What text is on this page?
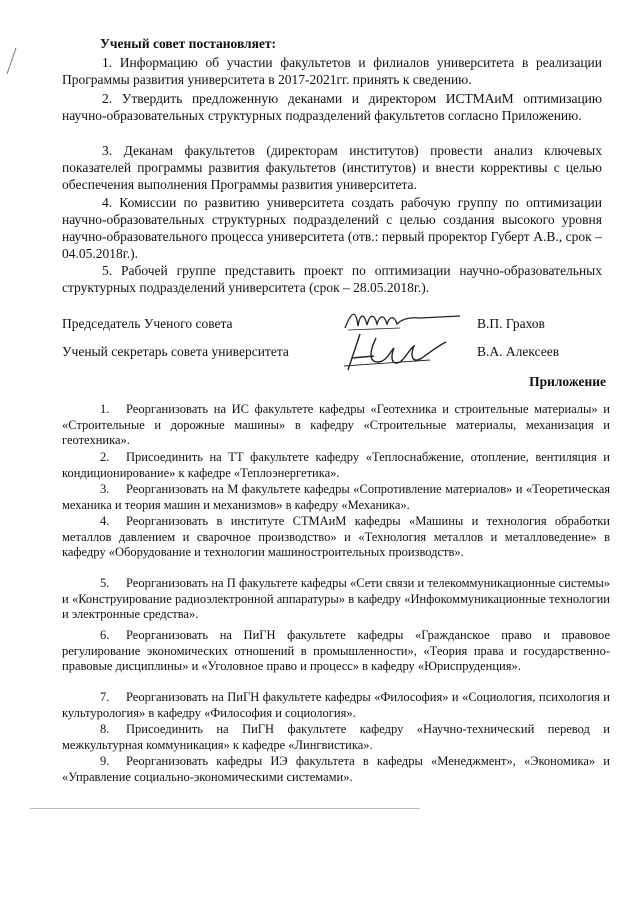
Ученый совет постановляет:
1. Информацию об участии факультетов и филиалов университета в реализации Программы развития университета в 2017-2021гг. принять к сведению.
2. Утвердить предложенную деканами и директором ИСТМАиМ оптимизацию научно-образовательных структурных подразделений факультетов согласно Приложению.
3. Деканам факультетов (директорам институтов) провести анализ ключевых показателей программы развития факультетов (институтов) и внести коррективы с целью обеспечения выполнения Программы развития университета.
4. Комиссии по развитию университета создать рабочую группу по оптимизации научно-образовательных структурных подразделений с целью создания высокого уровня научно-образовательного процесса университета (отв.: первый проректор Губерт А.В., срок – 04.05.2018г.).
5. Рабочей группе представить проект по оптимизации научно-образовательных структурных подразделений университета (срок – 28.05.2018г.).
Председатель Ученого совета	В.П. Грахов
Ученый секретарь совета университета	В.А. Алексеев
Приложение
1. Реорганизовать на ИС факультете кафедры «Геотехника и строительные материалы» и «Строительные и дорожные машины» в кафедру «Строительные материалы, механизация и геотехника».
2. Присоединить на ТТ факультете кафедру «Теплоснабжение, отопление, вентиляция и кондиционирование» к кафедре «Теплоэнергетика».
3. Реорганизовать на М факультете кафедры «Сопротивление материалов» и «Теоретическая механика и теория машин и механизмов» в кафедру «Механика».
4. Реорганизовать в институте СТМАиМ кафедры «Машины и технология обработки металлов давлением и сварочное производство» и «Технология металлов и металловедение» в кафедру «Оборудование и технологии машиностроительных производств».
5. Реорганизовать на П факультете кафедры «Сети связи и телекоммуникационные системы» и «Конструирование радиоэлектронной аппаратуры» в кафедру «Инфокоммуникационные технологии и электронные средства».
6. Реорганизовать на ПиГН факультете кафедры «Гражданское право и правовое регулирование экономических отношений в промышленности», «Теория права и государственно-правовые дисциплины» и «Уголовное право и процесс» в кафедру «Юриспруденция».
7. Реорганизовать на ПиГН факультете кафедры «Философия» и «Социология, психология и культурология» в кафедру «Философия и социология».
8. Присоединить на ПиГН факультете кафедру «Научно-технический перевод и межкультурная коммуникация» к кафедре «Лингвистика».
9. Реорганизовать кафедры ИЭ факультета в кафедры «Менеджмент», «Экономика» и «Управление социально-экономическими системами».
